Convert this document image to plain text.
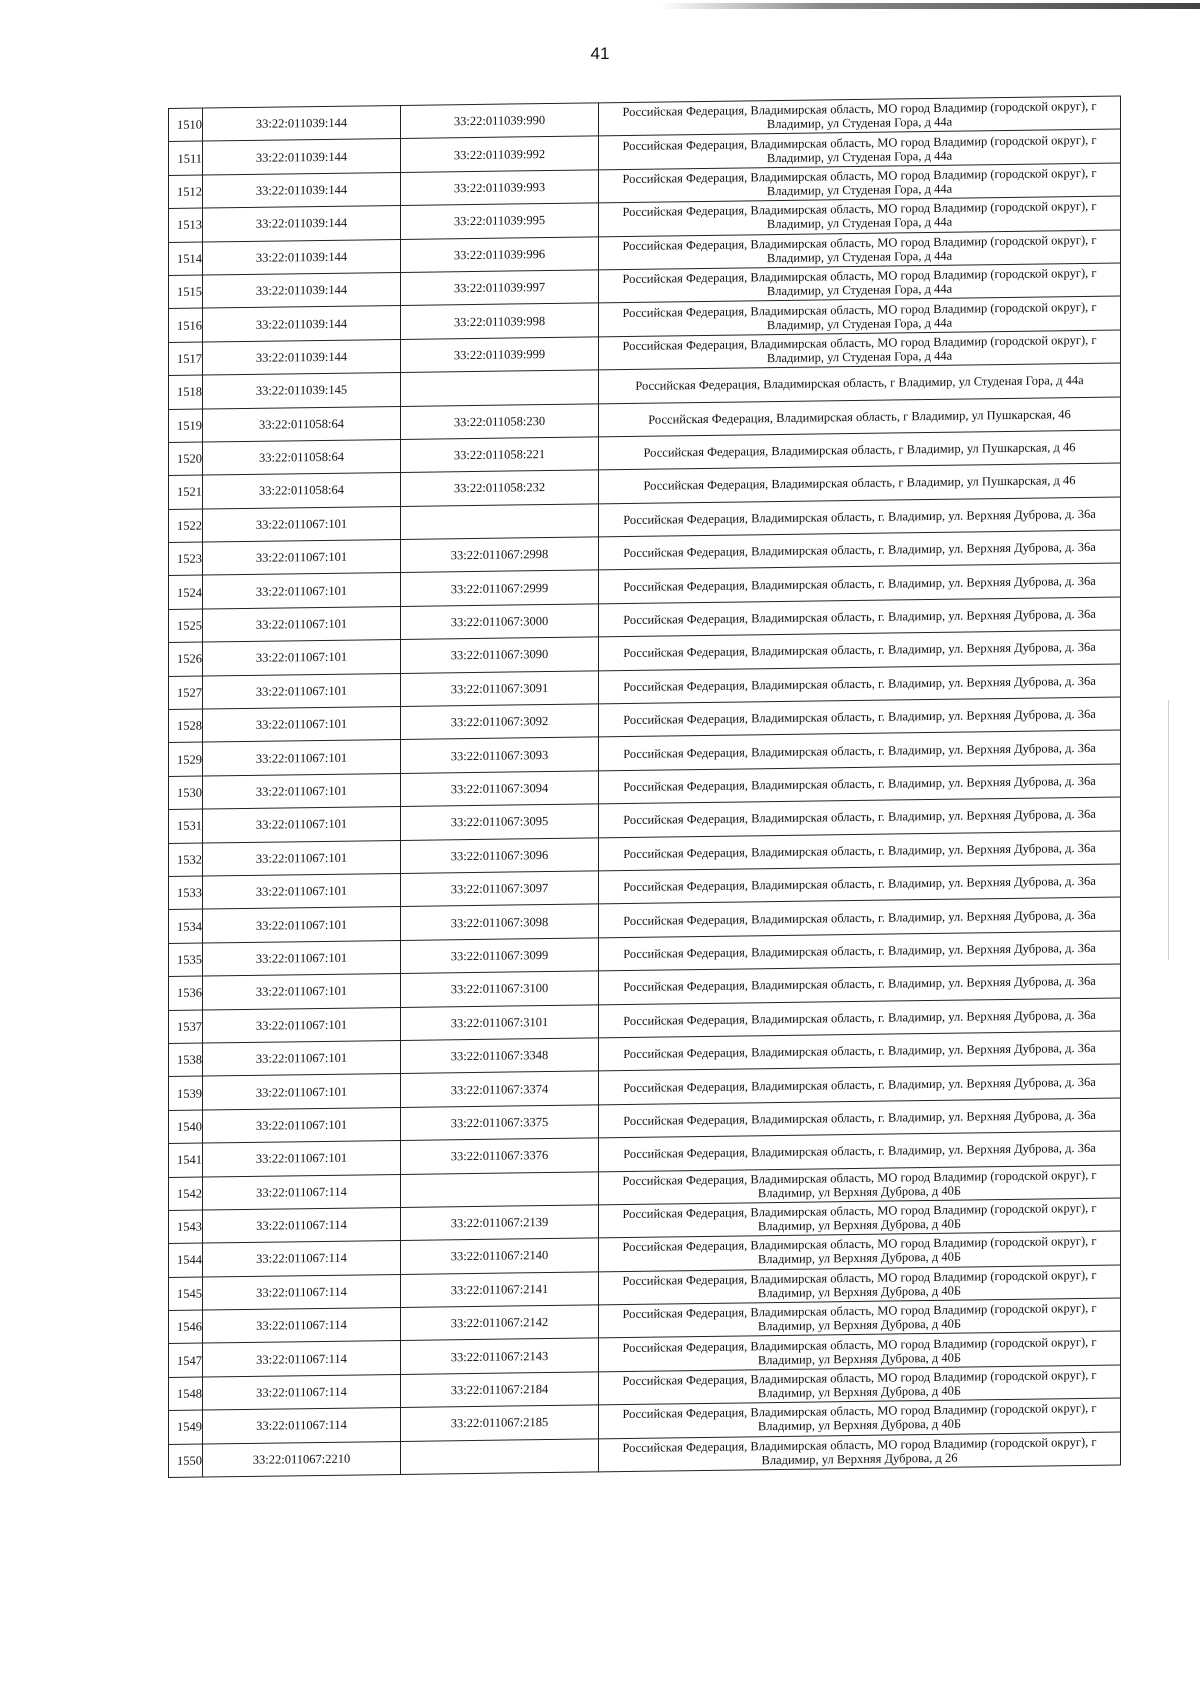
41
1510	33:22:011039:144	33:22:011039:990	Российская Федерация, Владимирская область, МО город Владимир (городской округ), г Владимир, ул Студеная Гора, д 44а
1511	33:22:011039:144	33:22:011039:992	Российская Федерация, Владимирская область, МО город Владимир (городской округ), г Владимир, ул Студеная Гора, д 44а
1512	33:22:011039:144	33:22:011039:993	Российская Федерация, Владимирская область, МО город Владимир (городской округ), г Владимир, ул Студеная Гора, д 44а
1513	33:22:011039:144	33:22:011039:995	Российская Федерация, Владимирская область, МО город Владимир (городской округ), г Владимир, ул Студеная Гора, д 44а
1514	33:22:011039:144	33:22:011039:996	Российская Федерация, Владимирская область, МО город Владимир (городской округ), г Владимир, ул Студеная Гора, д 44а
1515	33:22:011039:144	33:22:011039:997	Российская Федерация, Владимирская область, МО город Владимир (городской округ), г Владимир, ул Студеная Гора, д 44а
1516	33:22:011039:144	33:22:011039:998	Российская Федерация, Владимирская область, МО город Владимир (городской округ), г Владимир, ул Студеная Гора, д 44а
1517	33:22:011039:144	33:22:011039:999	Российская Федерация, Владимирская область, МО город Владимир (городской округ), г Владимир, ул Студеная Гора, д 44а
1518	33:22:011039:145		Российская Федерация, Владимирская область, г Владимир, ул Студеная Гора, д 44а
1519	33:22:011058:64	33:22:011058:230	Российская Федерация, Владимирская область, г Владимир, ул Пушкарская, 46
1520	33:22:011058:64	33:22:011058:221	Российская Федерация, Владимирская область, г Владимир, ул Пушкарская, д 46
1521	33:22:011058:64	33:22:011058:232	Российская Федерация, Владимирская область, г Владимир, ул Пушкарская, д 46
1522	33:22:011067:101		Российская Федерация, Владимирская область, г. Владимир, ул. Верхняя Дуброва, д. 36а
1523	33:22:011067:101	33:22:011067:2998	Российская Федерация, Владимирская область, г. Владимир, ул. Верхняя Дуброва, д. 36а
1524	33:22:011067:101	33:22:011067:2999	Российская Федерация, Владимирская область, г. Владимир, ул. Верхняя Дуброва, д. 36а
1525	33:22:011067:101	33:22:011067:3000	Российская Федерация, Владимирская область, г. Владимир, ул. Верхняя Дуброва, д. 36а
1526	33:22:011067:101	33:22:011067:3090	Российская Федерация, Владимирская область, г. Владимир, ул. Верхняя Дуброва, д. 36а
1527	33:22:011067:101	33:22:011067:3091	Российская Федерация, Владимирская область, г. Владимир, ул. Верхняя Дуброва, д. 36а
1528	33:22:011067:101	33:22:011067:3092	Российская Федерация, Владимирская область, г. Владимир, ул. Верхняя Дуброва, д. 36а
1529	33:22:011067:101	33:22:011067:3093	Российская Федерация, Владимирская область, г. Владимир, ул. Верхняя Дуброва, д. 36а
1530	33:22:011067:101	33:22:011067:3094	Российская Федерация, Владимирская область, г. Владимир, ул. Верхняя Дуброва, д. 36а
1531	33:22:011067:101	33:22:011067:3095	Российская Федерация, Владимирская область, г. Владимир, ул. Верхняя Дуброва, д. 36а
1532	33:22:011067:101	33:22:011067:3096	Российская Федерация, Владимирская область, г. Владимир, ул. Верхняя Дуброва, д. 36а
1533	33:22:011067:101	33:22:011067:3097	Российская Федерация, Владимирская область, г. Владимир, ул. Верхняя Дуброва, д. 36а
1534	33:22:011067:101	33:22:011067:3098	Российская Федерация, Владимирская область, г. Владимир, ул. Верхняя Дуброва, д. 36а
1535	33:22:011067:101	33:22:011067:3099	Российская Федерация, Владимирская область, г. Владимир, ул. Верхняя Дуброва, д. 36а
1536	33:22:011067:101	33:22:011067:3100	Российская Федерация, Владимирская область, г. Владимир, ул. Верхняя Дуброва, д. 36а
1537	33:22:011067:101	33:22:011067:3101	Российская Федерация, Владимирская область, г. Владимир, ул. Верхняя Дуброва, д. 36а
1538	33:22:011067:101	33:22:011067:3348	Российская Федерация, Владимирская область, г. Владимир, ул. Верхняя Дуброва, д. 36а
1539	33:22:011067:101	33:22:011067:3374	Российская Федерация, Владимирская область, г. Владимир, ул. Верхняя Дуброва, д. 36а
1540	33:22:011067:101	33:22:011067:3375	Российская Федерация, Владимирская область, г. Владимир, ул. Верхняя Дуброва, д. 36а
1541	33:22:011067:101	33:22:011067:3376	Российская Федерация, Владимирская область, г. Владимир, ул. Верхняя Дуброва, д. 36а
1542	33:22:011067:114		Российская Федерация, Владимирская область, МО город Владимир (городской округ), г Владимир, ул Верхняя Дуброва, д 40Б
1543	33:22:011067:114	33:22:011067:2139	Российская Федерация, Владимирская область, МО город Владимир (городской округ), г Владимир, ул Верхняя Дуброва, д 40Б
1544	33:22:011067:114	33:22:011067:2140	Российская Федерация, Владимирская область, МО город Владимир (городской округ), г Владимир, ул Верхняя Дуброва, д 40Б
1545	33:22:011067:114	33:22:011067:2141	Российская Федерация, Владимирская область, МО город Владимир (городской округ), г Владимир, ул Верхняя Дуброва, д 40Б
1546	33:22:011067:114	33:22:011067:2142	Российская Федерация, Владимирская область, МО город Владимир (городской округ), г Владимир, ул Верхняя Дуброва, д 40Б
1547	33:22:011067:114	33:22:011067:2143	Российская Федерация, Владимирская область, МО город Владимир (городской округ), г Владимир, ул Верхняя Дуброва, д 40Б
1548	33:22:011067:114	33:22:011067:2184	Российская Федерация, Владимирская область, МО город Владимир (городской округ), г Владимир, ул Верхняя Дуброва, д 40Б
1549	33:22:011067:114	33:22:011067:2185	Российская Федерация, Владимирская область, МО город Владимир (городской округ), г Владимир, ул Верхняя Дуброва, д 40Б
1550	33:22:011067:2210		Российская Федерация, Владимирская область, МО город Владимир (городской округ), г Владимир, ул Верхняя Дуброва, д 26
